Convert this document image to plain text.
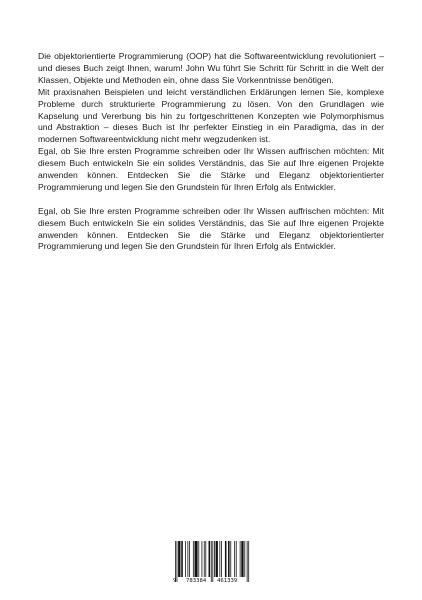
Die objektorientierte Programmierung (OOP) hat die Softwareentwicklung revolutioniert – und dieses Buch zeigt Ihnen, warum! John Wu führt Sie Schritt für Schritt in die Welt der Klassen, Objekte und Methoden ein, ohne dass Sie Vorkenntnisse benötigen.

Mit praxisnahen Beispielen und leicht verständlichen Erklärungen lernen Sie, komplexe Probleme durch strukturierte Programmierung zu lösen. Von den Grundlagen wie Kapselung und Vererbung bis hin zu fortgeschrittenen Konzepten wie Polymorphismus und Abstraktion – dieses Buch ist Ihr perfekter Einstieg in ein Paradigma, das in der modernen Softwareentwicklung nicht mehr wegzudenken ist.

Egal, ob Sie Ihre ersten Programme schreiben oder Ihr Wissen auffrischen möchten: Mit diesem Buch entwickeln Sie ein solides Verständnis, das Sie auf Ihre eigenen Projekte anwenden können. Entdecken Sie die Stärke und Eleganz objektorientierter Programmierung und legen Sie den Grundstein für Ihren Erfolg als Entwickler.

Egal, ob Sie Ihre ersten Programme schreiben oder Ihr Wissen auffrischen möchten: Mit diesem Buch entwickeln Sie ein solides Verständnis, das Sie auf Ihre eigenen Projekte anwenden können. Entdecken Sie die Stärke und Eleganz objektorientierter Programmierung und legen Sie den Grundstein für Ihren Erfolg als Entwickler.

9 783384 461339
